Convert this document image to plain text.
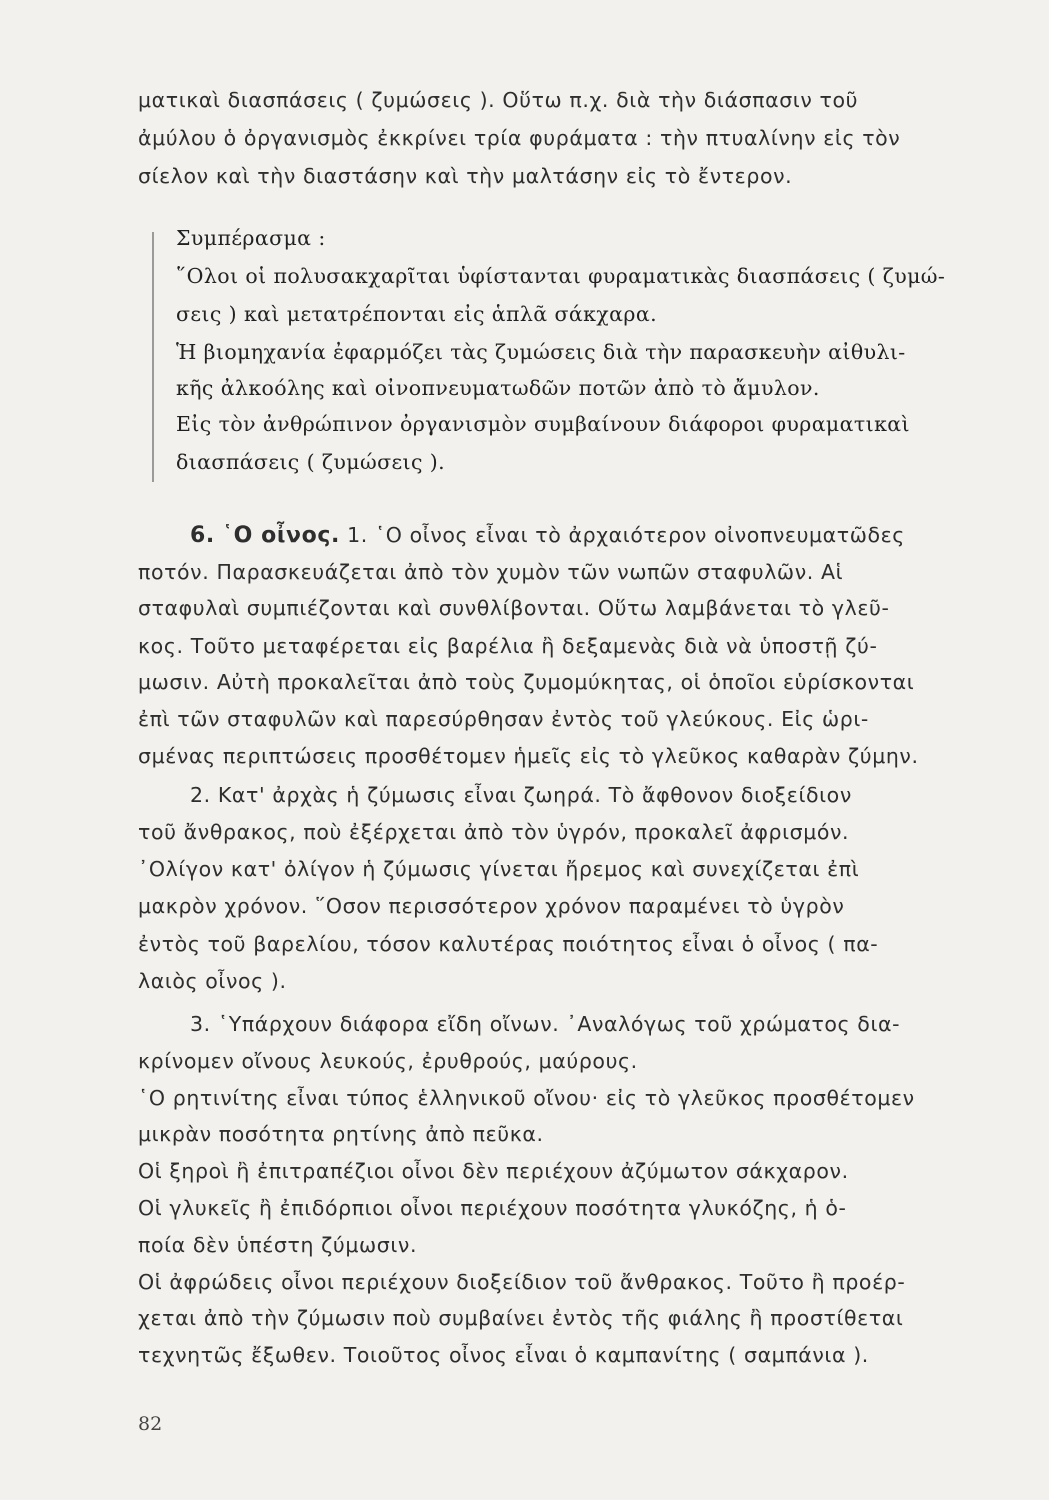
ματικαὶ διασπάσεις ( ζυμώσεις ). Οὕτω π.χ. διὰ τὴν διάσπασιν τοῦ
ἀμύλου ὁ ὀργανισμὸς ἐκκρίνει τρία φυράματα : τὴν πτυαλίνην εἰς τὸν
σίελον καὶ τὴν διαστάσην καὶ τὴν μαλτάσην εἰς τὸ ἔντερον.
Συμπέρασμα :
῞Ολοι οἱ πολυσακχαρῖται ὑφίστανται φυραματικὰς διασπάσεις ( ζυμώ-
σεις ) καὶ μετατρέπονται εἰς ἁπλᾶ σάκχαρα.
Ἡ βιομηχανία ἐφαρμόζει τὰς ζυμώσεις διὰ τὴν παρασκευὴν αἰθυλι-
κῆς ἀλκοόλης καὶ οἰνοπνευματωδῶν ποτῶν ἀπὸ τὸ ἄμυλον.
Εἰς τὸν ἀνθρώπινον ὀργανισμὸν συμβαίνουν διάφοροι φυραματικαὶ
διασπάσεις ( ζυμώσεις ).
6. ῾Ο οἶνος. 1. ῾Ο οἶνος εἶναι τὸ ἀρχαιότερον οἰνοπνευματῶδες
ποτόν. Παρασκευάζεται ἀπὸ τὸν χυμὸν τῶν νωπῶν σταφυλῶν. Αἱ
σταφυλαὶ συμπιέζονται καὶ συνθλίβονται. Οὕτω λαμβάνεται τὸ γλεῦ-
κος. Τοῦτο μεταφέρεται εἰς βαρέλια ἢ δεξαμενὰς διὰ νὰ ὑποστῇ ζύ-
μωσιν. Αὐτὴ προκαλεῖται ἀπὸ τοὺς ζυμομύκητας, οἱ ὁποῖοι εὑρίσκονται
ἐπὶ τῶν σταφυλῶν καὶ παρεσύρθησαν ἐντὸς τοῦ γλεύκους. Εἰς ὡρι-
σμένας περιπτώσεις προσθέτομεν ἡμεῖς εἰς τὸ γλεῦκος καθαρὰν ζύμην.
2. Κατ' ἀρχὰς ἡ ζύμωσις εἶναι ζωηρά. Τὸ ἄφθονον διοξείδιον
τοῦ ἄνθρακος, ποὺ ἐξέρχεται ἀπὸ τὸν ὑγρόν, προκαλεῖ ἀφρισμόν.
᾿Ολίγον κατ' ὀλίγον ἡ ζύμωσις γίνεται ἤρεμος καὶ συνεχίζεται ἐπὶ
μακρὸν χρόνον. ῞Οσον περισσότερον χρόνον παραμένει τὸ ὑγρὸν
ἐντὸς τοῦ βαρελίου, τόσον καλυτέρας ποιότητος εἶναι ὁ οἶνος ( πα-
λαιὸς οἶνος ).
3. ῾Υπάρχουν διάφορα εἴδη οἴνων. ᾿Αναλόγως τοῦ χρώματος δια-
κρίνομεν οἴνους λευκούς, ἐρυθρούς, μαύρους.
῾Ο ρητινίτης εἶναι τύπος ἑλληνικοῦ οἴνου· εἰς τὸ γλεῦκος προσθέτομεν
μικρὰν ποσότητα ρητίνης ἀπὸ πεῦκα.
Οἱ ξηροὶ ἢ ἐπιτραπέζιοι οἶνοι δὲν περιέχουν ἀζύμωτον σάκχαρον.
Οἱ γλυκεῖς ἢ ἐπιδόρπιοι οἶνοι περιέχουν ποσότητα γλυκόζης, ἡ ὁ-
ποία δὲν ὑπέστη ζύμωσιν.
Οἱ ἀφρώδεις οἶνοι περιέχουν διοξείδιον τοῦ ἄνθρακος. Τοῦτο ἢ προέρ-
χεται ἀπὸ τὴν ζύμωσιν ποὺ συμβαίνει ἐντὸς τῆς φιάλης ἢ προστίθεται
τεχνητῶς ἔξωθεν. Τοιοῦτος οἶνος εἶναι ὁ καμπανίτης ( σαμπάνια ).
82
